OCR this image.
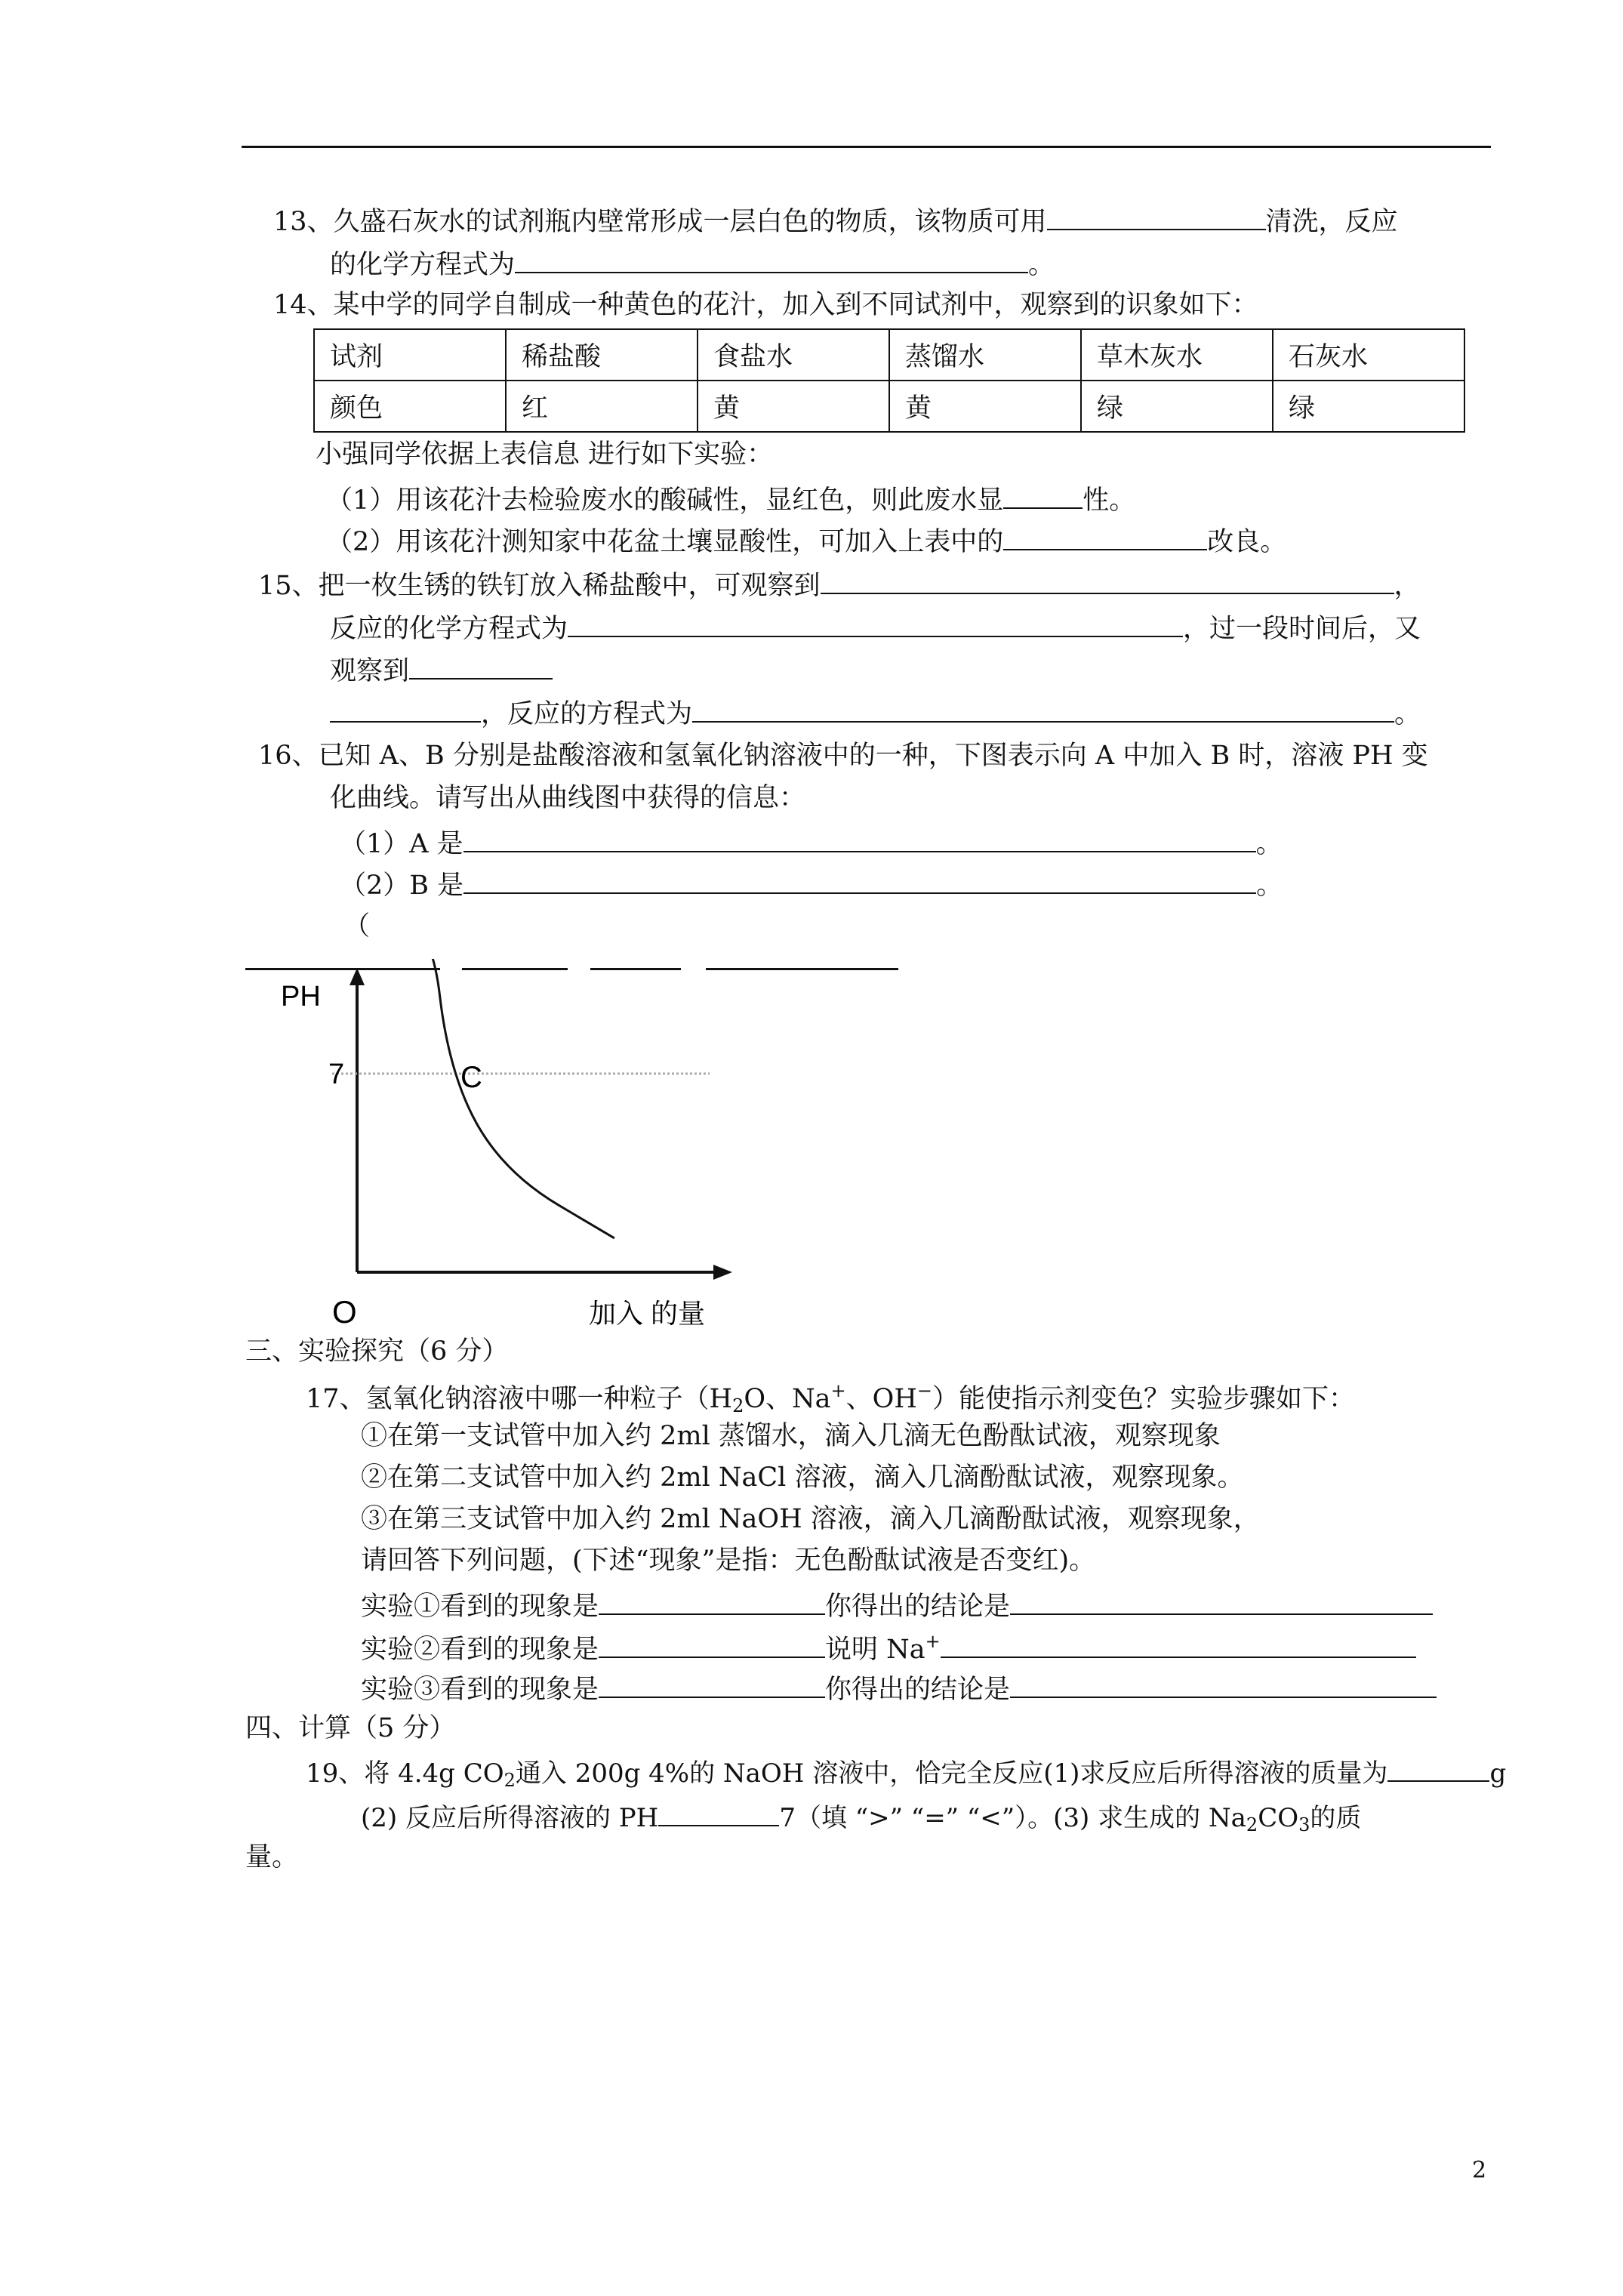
13、久盛石灰水的试剂瓶内壁常形成一层白色的物质，该物质可用	清洗，反应
的化学方程式为	。
14、某中学的同学自制成一种黄色的花汁，加入到不同试剂中，观察到的识象如下：
试剂	稀盐酸	食盐水	蒸馏水	草木灰水	石灰水
颜色	红	黄	黄	绿	绿
小强同学依据上表信息 进行如下实验：
（1）用该花汁去检验废水的酸碱性，显红色，则此废水显	性。
（2）用该花汁测知家中花盆土壤显酸性，可加入上表中的	改良。
15、把一枚生锈的铁钉放入稀盐酸中，可观察到	，
反应的化学方程式为	，过一段时间后，又
观察到
，反应的方程式为	。
16、已知 A、B 分别是盐酸溶液和氢氧化钠溶液中的一种，下图表示向 A 中加入 B 时，溶液 PH 变
化曲线。请写出从曲线图中获得的信息：
（1）A 是	。
（2）B 是	。
（
PH
7	C
O	加入 的量
三、实验探究（6 分）
17、氢氧化钠溶液中哪一种粒子（$H_2O$、Na+、OH−）能使指示剂变色？实验步骤如下：
①在第一支试管中加入约 2ml 蒸馏水，滴入几滴无色酚酞试液，观察现象
②在第二支试管中加入约 2ml NaCl 溶液，滴入几滴酚酞试液，观察现象。
③在第三支试管中加入约 2ml NaOH 溶液，滴入几滴酚酞试液，观察现象，
请回答下列问题，(下述“现象”是指：无色酚酞试液是否变红)。
实验①看到的现象是	你得出的结论是
实验②看到的现象是	说明 Na+
实验③看到的现象是	你得出的结论是
四、计算（5 分）
19、将 4.4g $CO_2$通入 200g 4%的 NaOH 溶液中，恰完全反应(1)求反应后所得溶液的质量为	g
(2) 反应后所得溶液的 PH	7（填 “>” “=” “<”）。(3) 求生成的 $Na_2CO_3$的质
量。
2
